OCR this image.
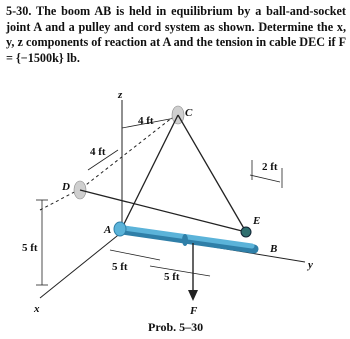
5-30. The boom AB is held in equilibrium by a ball-and-socket joint A and a pulley and cord system as shown. Determine the x, y, z components of reaction at A and the tension in cable DEC if F = {−1500k} lb.
z
x
y
A
B
C
D
E
F
4 ft
4 ft
2 ft
5 ft
5 ft
5 ft
Prob. 5–30
